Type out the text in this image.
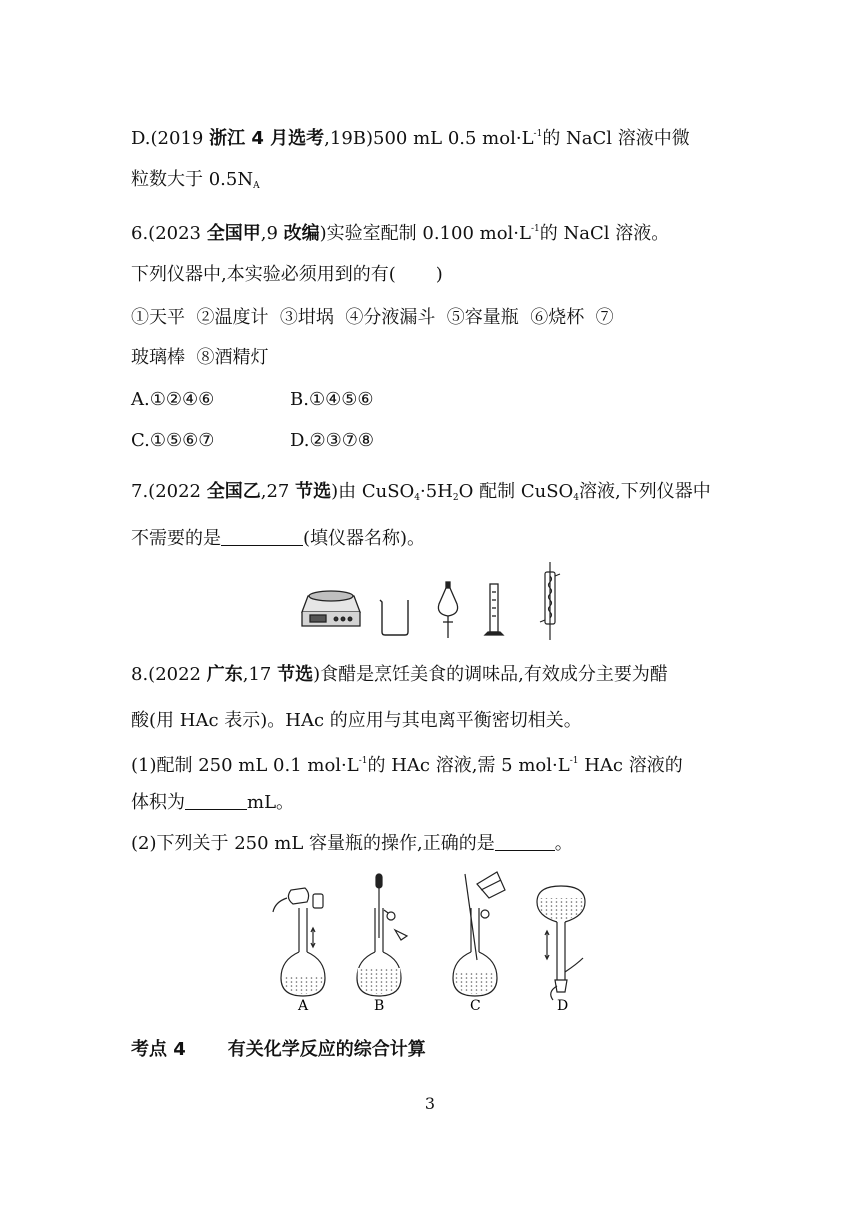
D.(2019 浙江 4 月选考,19B)500 mL 0.5 $mol\cdot L^{-1}$的 NaCl 溶液中微
粒数大于 $0.5N_A$
6.(2023 全国甲,9 改编)实验室配制 0.100 $mol\cdot L^{-1}$的 NaCl 溶液。
下列仪器中,本实验必须用到的有( )
①天平  ②温度计  ③坩埚  ④分液漏斗  ⑤容量瓶  ⑥烧杯  ⑦
玻璃棒  ⑧酒精灯
A.①②④⑥	B.①④⑤⑥
C.①⑤⑥⑦	D.②③⑦⑧
7.(2022 全国乙,27 节选)由 $CuSO_4\cdot 5H_2O$ 配制 CuSO$_4$溶液,下列仪器中
不需要的是	(填仪器名称)。
8.(2022 广东,17 节选)食醋是烹饪美食的调味品,有效成分主要为醋
酸(用 HAc 表示)。HAc 的应用与其电离平衡密切相关。
(1)配制 250 mL 0.1 $mol\cdot L^{-1}$的 HAc 溶液,需 5 $mol\cdot L^{-1}$ HAc 溶液的
体积为	mL。
(2)下列关于 250 mL 容量瓶的操作,正确的是	。
A	B	C	D
考点 4 有关化学反应的综合计算
3
